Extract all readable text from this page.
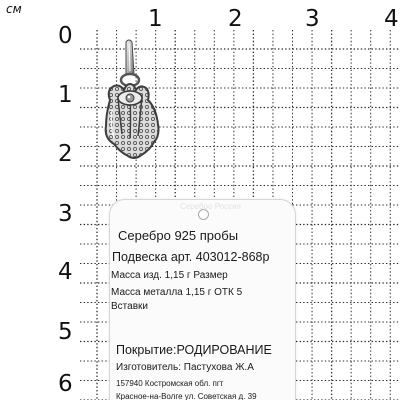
см	1	2	3	4
0
1
2
3
4
5
6
Серебро Россия
Серебро 925 пробы
Подвеска арт. 403012-868р
Масса изд. 1,15 г Размер
Масса металла 1,15 г ОТК 5
Вставки
Покрытие:РОДИРОВАНИЕ
Изготовитель: Пастухова Ж.А
157940 Костромская обл. пгт
Красное-на-Волге ул. Советская д. 39
